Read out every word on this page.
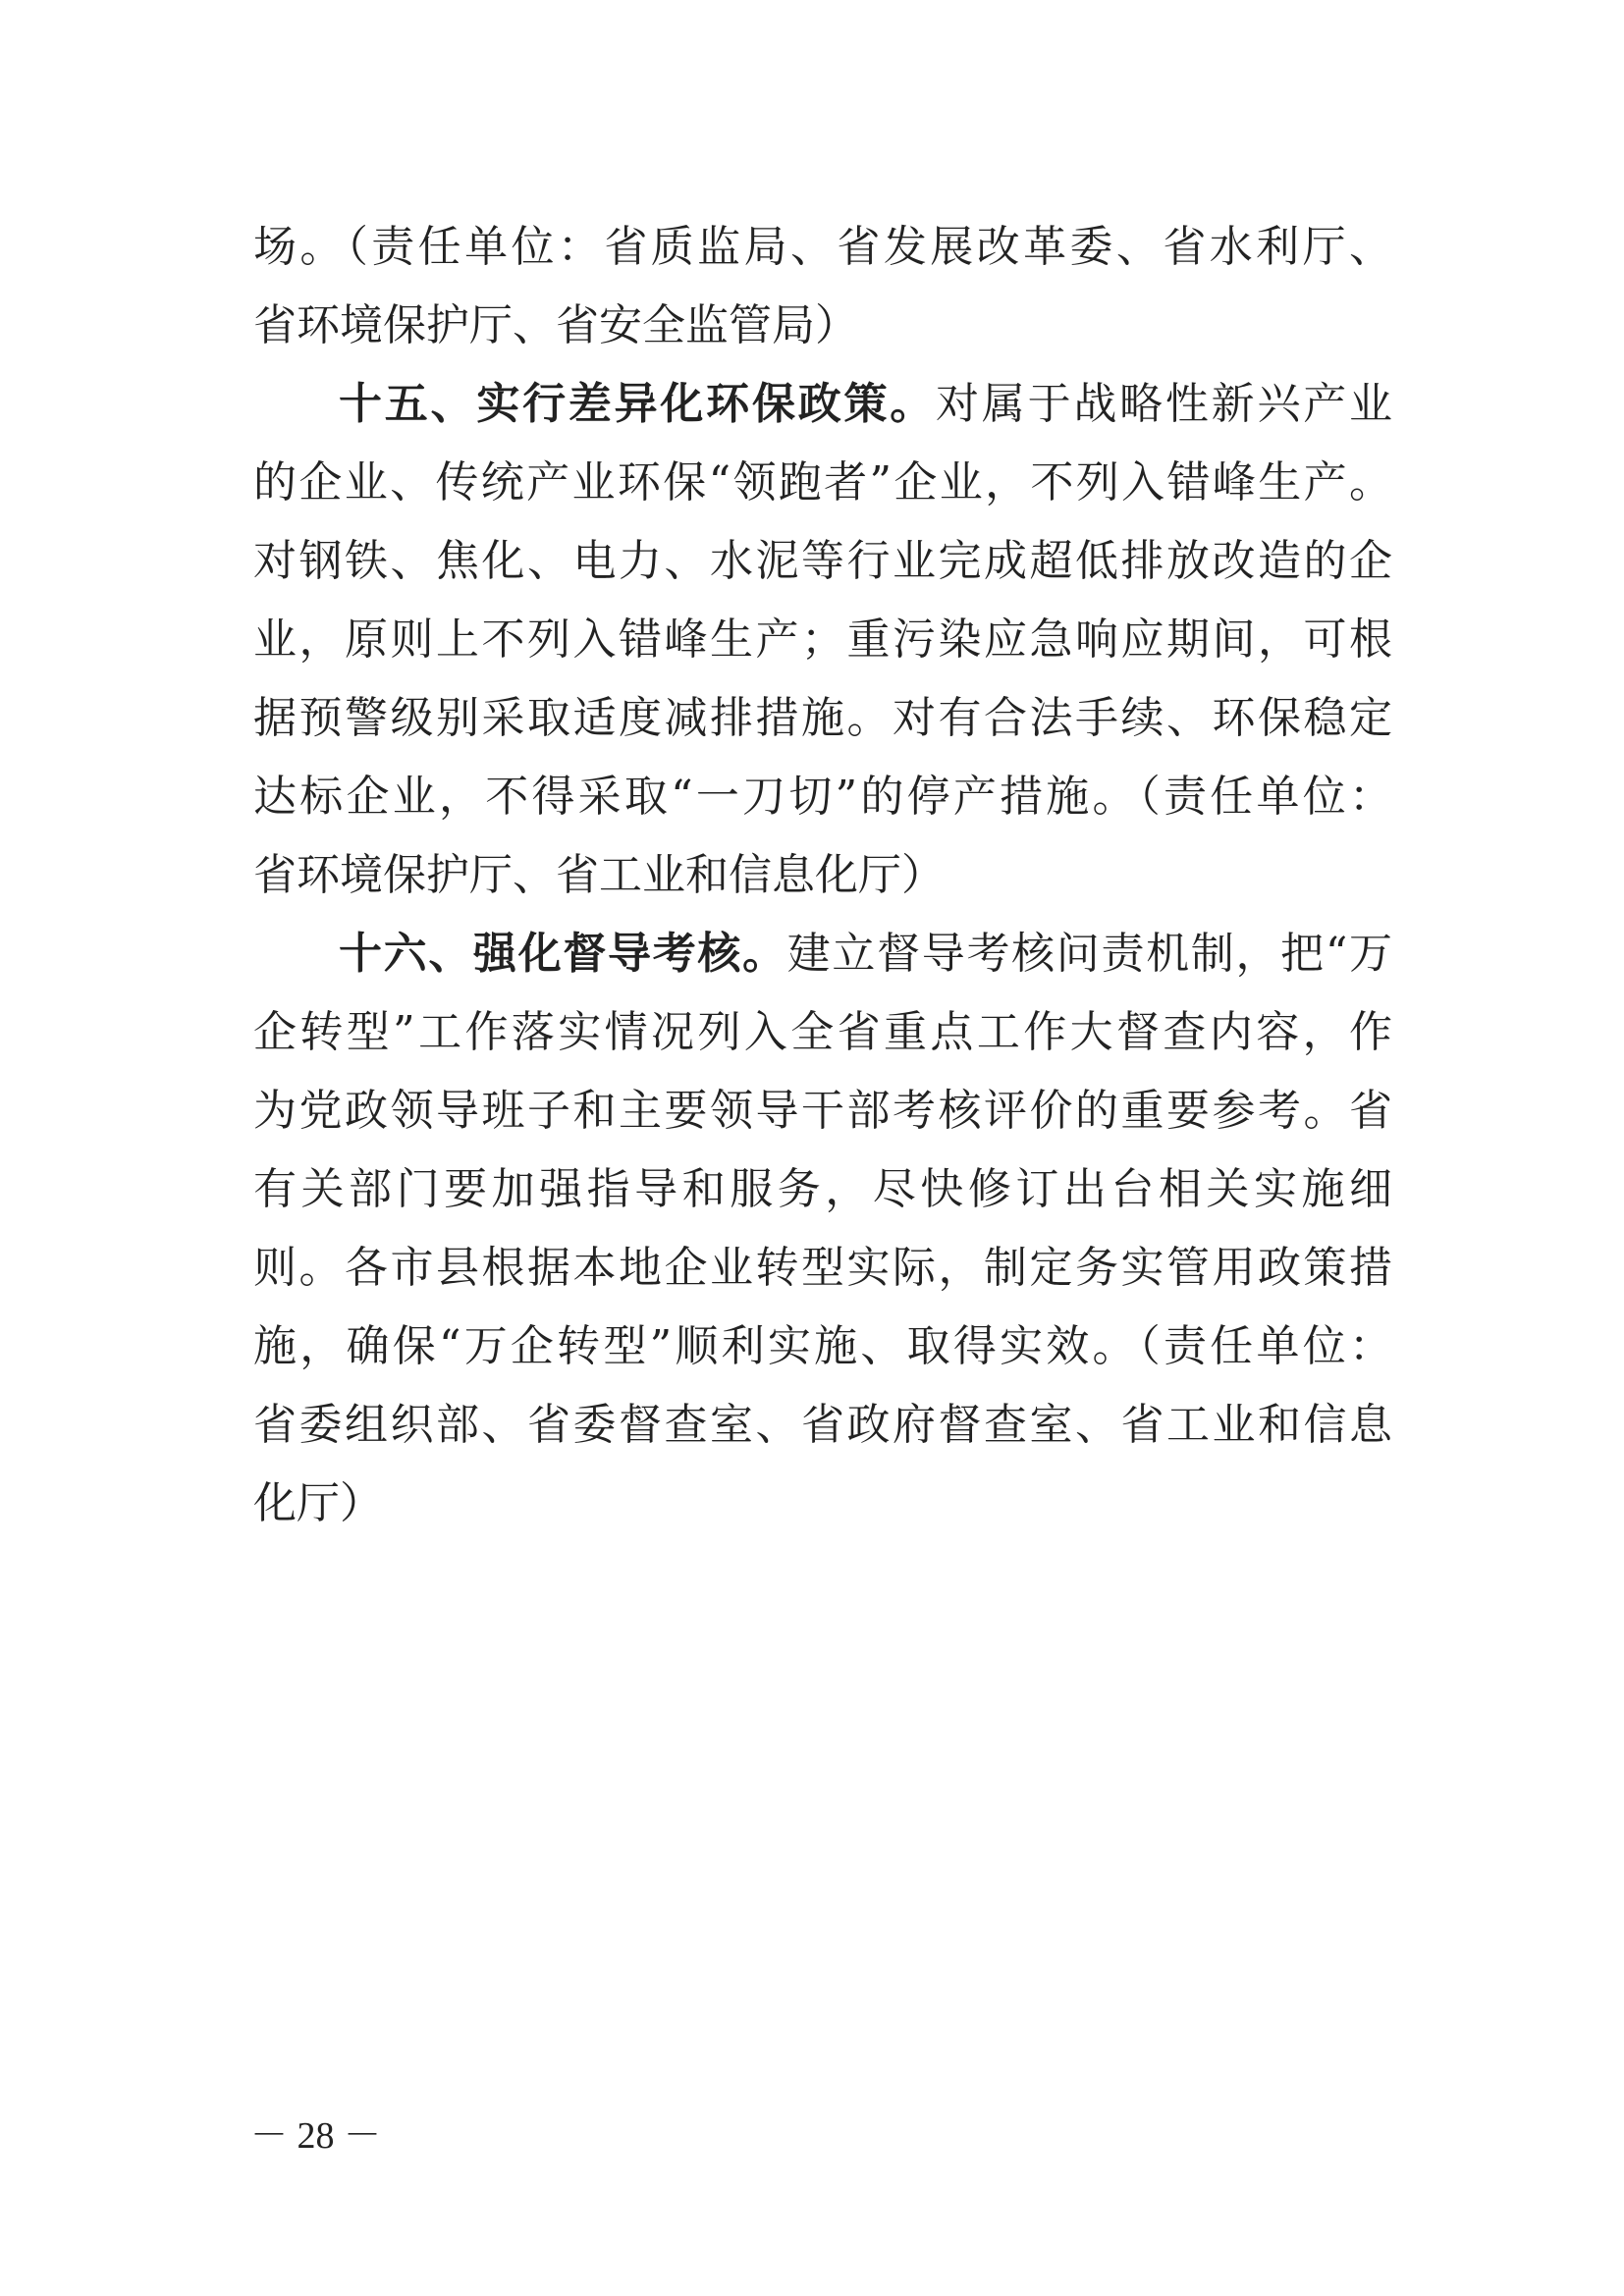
场。（责任单位：省质监局、省发展改革委、省水利厅、
省环境保护厅、省安全监管局）
十五、实行差异化环保政策。对属于战略性新兴产业
的企业、传统产业环保“领跑者”企业，不列入错峰生产。
对钢铁、焦化、电力、水泥等行业完成超低排放改造的企
业，原则上不列入错峰生产；重污染应急响应期间，可根
据预警级别采取适度减排措施。对有合法手续、环保稳定
达标企业，不得采取“一刀切”的停产措施。（责任单位：
省环境保护厅、省工业和信息化厅）
十六、强化督导考核。建立督导考核问责机制，把“万
企转型”工作落实情况列入全省重点工作大督查内容，作
为党政领导班子和主要领导干部考核评价的重要参考。省
有关部门要加强指导和服务，尽快修订出台相关实施细
则。各市县根据本地企业转型实际，制定务实管用政策措
施，确保“万企转型”顺利实施、取得实效。（责任单位：
省委组织部、省委督查室、省政府督查室、省工业和信息
化厅）
－ 28 －
